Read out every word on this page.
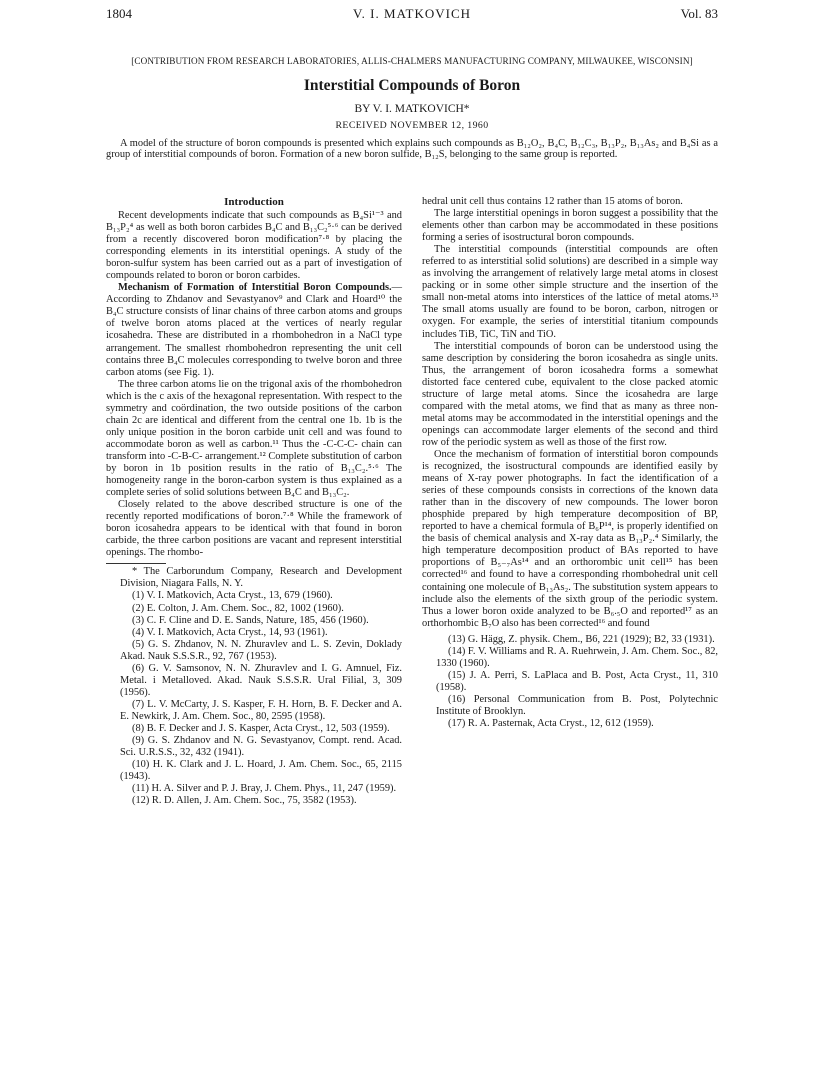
1804	V. I. MATKOVICH	Vol. 83
[CONTRIBUTION FROM RESEARCH LABORATORIES, ALLIS-CHALMERS MANUFACTURING COMPANY, MILWAUKEE, WISCONSIN]
Interstitial Compounds of Boron
BY V. I. MATKOVICH*
RECEIVED NOVEMBER 12, 1960

A model of the structure of boron compounds is presented which explains such compounds as B₁₂O₂, B₄C, B₁₂C₃, B₁₃P₂, B₁₃As₂ and B₄Si as a group of interstitial compounds of boron. Formation of a new boron sulfide, B₁₂S, belonging to the same group is reported.

Introduction

Recent developments indicate that such compounds as B₄Si¹⁻³ and B₁₃P₂⁴ as well as both boron carbides B₄C and B₁₃C₂⁵·⁶ can be derived from a recently discovered boron modification⁷·⁸ by placing the corresponding elements in its interstitial openings. A study of the boron-sulfur system has been carried out as a part of investigation of compounds related to boron or boron carbides.

Mechanism of Formation of Interstitial Boron Compounds.—According to Zhdanov and Sevastyanov⁹ and Clark and Hoard¹⁰ the B₄C structure consists of linar chains of three carbon atoms and groups of twelve boron atoms placed at the vertices of nearly regular icosahedra. These are distributed in a rhombohedron in a NaCl type arrangement. The smallest rhombohedron representing the unit cell contains three B₄C molecules corresponding to twelve boron and three carbon atoms (see Fig. 1).

The three carbon atoms lie on the trigonal axis of the rhombohedron which is the c axis of the hexagonal representation. With respect to the symmetry and coördination, the two outside positions of the carbon chain 2c are identical and different from the central one 1b. 1b is the only unique position in the boron carbide unit cell and was found to accommodate boron as well as carbon.¹¹ Thus the -C-C-C- chain can transform into -C-B-C- arrangement.¹² Complete substitution of carbon by boron in 1b position results in the ratio of B₁₃C₂.⁵·⁶ The homogeneity range in the boron-carbon system is thus explained as a complete series of solid solutions between B₄C and B₁₃C₂.

Closely related to the above described structure is one of the recently reported modifications of boron.⁷·⁸ While the framework of boron icosahedra appears to be identical with that found in boron carbide, the three carbon positions are vacant and represent interstitial openings. The rhombo-

* The Carborundum Company, Research and Development Division, Niagara Falls, N. Y.

(1) V. I. Matkovich, Acta Cryst., 13, 679 (1960).

(2) E. Colton, J. Am. Chem. Soc., 82, 1002 (1960).

(3) C. F. Cline and D. E. Sands, Nature, 185, 456 (1960).

(4) V. I. Matkovich, Acta Cryst., 14, 93 (1961).

(5) G. S. Zhdanov, N. N. Zhuravlev and L. S. Zevin, Doklady Akad. Nauk S.S.S.R., 92, 767 (1953).

(6) G. V. Samsonov, N. N. Zhuravlev and I. G. Amnuel, Fiz. Metal. i Metalloved. Akad. Nauk S.S.S.R. Ural Filial, 3, 309 (1956).

(7) L. V. McCarty, J. S. Kasper, F. H. Horn, B. F. Decker and A. E. Newkirk, J. Am. Chem. Soc., 80, 2595 (1958).

(8) B. F. Decker and J. S. Kasper, Acta Cryst., 12, 503 (1959).

(9) G. S. Zhdanov and N. G. Sevastyanov, Compt. rend. Acad. Sci. U.R.S.S., 32, 432 (1941).

(10) H. K. Clark and J. L. Hoard, J. Am. Chem. Soc., 65, 2115 (1943).

(11) H. A. Silver and P. J. Bray, J. Chem. Phys., 11, 247 (1959).

(12) R. D. Allen, J. Am. Chem. Soc., 75, 3582 (1953).

hedral unit cell thus contains 12 rather than 15 atoms of boron.

The large interstitial openings in boron suggest a possibility that the elements other than carbon may be accommodated in these positions forming a series of isostructural boron compounds.

The interstitial compounds (interstitial compounds are often referred to as interstitial solid solutions) are described in a simple way as involving the arrangement of relatively large metal atoms in closest packing or in some other simple structure and the insertion of the small non-metal atoms into interstices of the lattice of metal atoms.¹³ The small atoms usually are found to be boron, carbon, nitrogen or oxygen. For example, the series of interstitial titanium compounds includes TiB, TiC, TiN and TiO.

The interstitial compounds of boron can be understood using the same description by considering the boron icosahedra as single units. Thus, the arrangement of boron icosahedra forms a somewhat distorted face centered cube, equivalent to the close packed atomic structure of large metal atoms. Since the icosahedra are large compared with the metal atoms, we find that as many as three non-metal atoms may be accommodated in the interstitial openings and the openings can accommodate larger elements of the second and third row of the periodic system as well as those of the first row.

Once the mechanism of formation of interstitial boron compounds is recognized, the isostructural compounds are identified easily by means of X-ray power photographs. In fact the identification of a series of these compounds consists in corrections of the known data rather than in the discovery of new compounds. The lower boron phosphide prepared by high temperature decomposition of BP, reported to have a chemical formula of B₆P¹⁴, is properly identified on the basis of chemical analysis and X-ray data as B₁₃P₂.⁴ Similarly, the high temperature decomposition product of BAs reported to have proportions of B₅₋₇As¹⁴ and an orthorombic unit cell¹⁵ has been corrected¹⁶ and found to have a corresponding rhombohedral unit cell containing one molecule of B₁₃As₂. The substitution system appears to include also the elements of the sixth group of the periodic system. Thus a lower boron oxide analyzed to be B₆.₅O and reported¹⁷ as an orthorhombic B₇O also has been corrected¹⁶ and found

(13) G. Hägg, Z. physik. Chem., B6, 221 (1929); B2, 33 (1931).

(14) F. V. Williams and R. A. Ruehrwein, J. Am. Chem. Soc., 82, 1330 (1960).

(15) J. A. Perri, S. LaPlaca and B. Post, Acta Cryst., 11, 310 (1958).

(16) Personal Communication from B. Post, Polytechnic Institute of Brooklyn.

(17) R. A. Pasternak, Acta Cryst., 12, 612 (1959).
